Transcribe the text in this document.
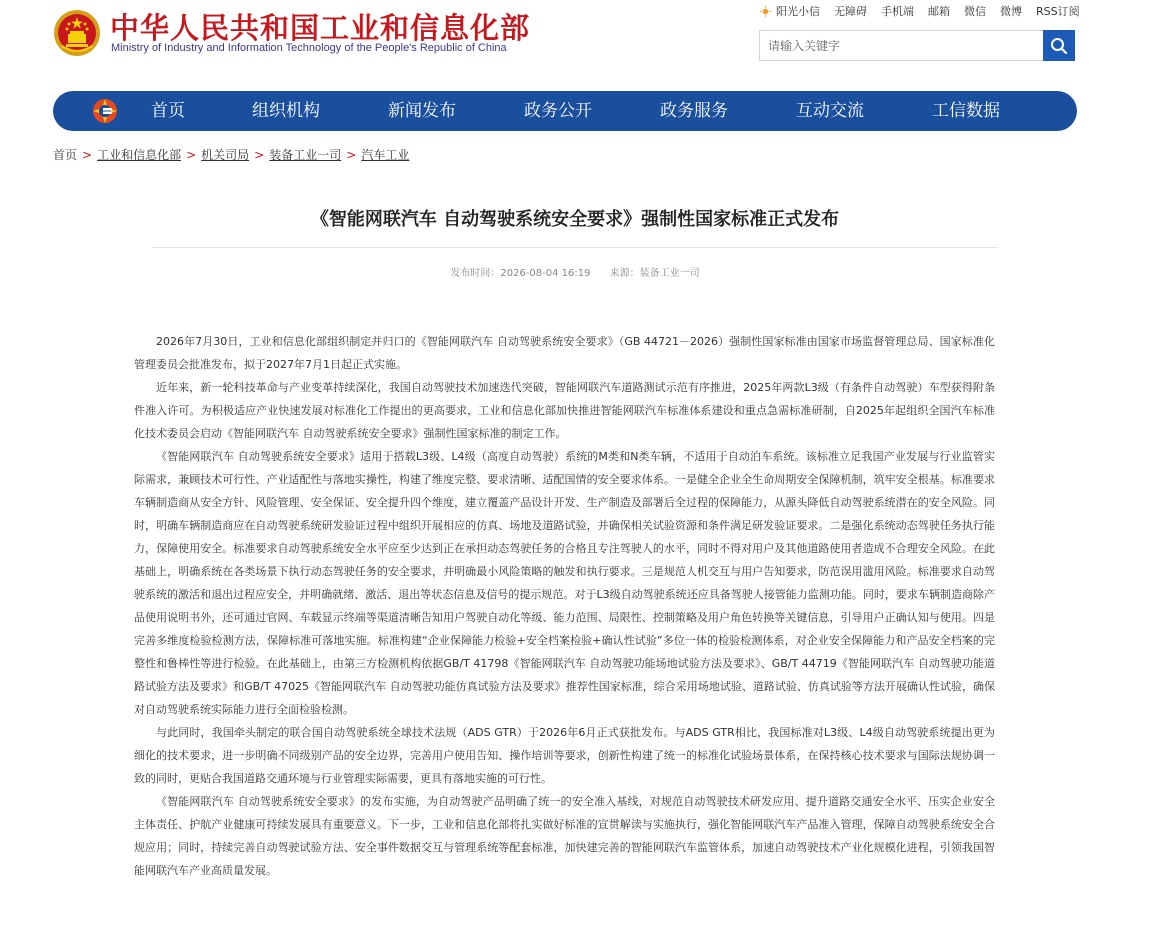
中华人民共和国工业和信息化部
Ministry of Industry and Information Technology of the People's Republic of China
阳光小信 无障碍 手机端 邮箱 微信 微博 RSS订阅
请输入关键字
首页	组织机构	新闻发布	政务公开	政务服务	互动交流	工信数据
首页 > 工业和信息化部 > 机关司局 > 装备工业一司 > 汽车工业
《智能网联汽车 自动驾驶系统安全要求》强制性国家标准正式发布
发布时间：2026-08-04 16:19 来源：装备工业一司

2026年7月30日，工业和信息化部组织制定并归口的《智能网联汽车 自动驾驶系统安全要求》（GB 44721－2026）强制性国家标准由国家市场监督管理总局、国家标准化管理委员会批准发布，拟于2027年7月1日起正式实施。

近年来，新一轮科技革命与产业变革持续深化，我国自动驾驶技术加速迭代突破，智能网联汽车道路测试示范有序推进，2025年两款L3级（有条件自动驾驶）车型获得附条件准入许可。为积极适应产业快速发展对标准化工作提出的更高要求，工业和信息化部加快推进智能网联汽车标准体系建设和重点急需标准研制，自2025年起组织全国汽车标准化技术委员会启动《智能网联汽车 自动驾驶系统安全要求》强制性国家标准的制定工作。

《智能网联汽车 自动驾驶系统安全要求》适用于搭载L3级、L4级（高度自动驾驶）系统的M类和N类车辆，不适用于自动泊车系统。该标准立足我国产业发展与行业监管实际需求，兼顾技术可行性、产业适配性与落地实操性，构建了维度完整、要求清晰、适配国情的安全要求体系。一是健全企业全生命周期安全保障机制，筑牢安全根基。标准要求车辆制造商从安全方针、风险管理、安全保证、安全提升四个维度，建立覆盖产品设计开发、生产制造及部署后全过程的保障能力，从源头降低自动驾驶系统潜在的安全风险。同时，明确车辆制造商应在自动驾驶系统研发验证过程中组织开展相应的仿真、场地及道路试验，并确保相关试验资源和条件满足研发验证要求。二是强化系统动态驾驶任务执行能力，保障使用安全。标准要求自动驾驶系统安全水平应至少达到正在承担动态驾驶任务的合格且专注驾驶人的水平，同时不得对用户及其他道路使用者造成不合理安全风险。在此基础上，明确系统在各类场景下执行动态驾驶任务的安全要求，并明确最小风险策略的触发和执行要求。三是规范人机交互与用户告知要求，防范误用滥用风险。标准要求自动驾驶系统的激活和退出过程应安全，并明确就绪、激活、退出等状态信息及信号的提示规范。对于L3级自动驾驶系统还应具备驾驶人接管能力监测功能。同时，要求车辆制造商除产品使用说明书外，还可通过官网、车载显示终端等渠道清晰告知用户驾驶自动化等级、能力范围、局限性、控制策略及用户角色转换等关键信息，引导用户正确认知与使用。四是完善多维度检验检测方法，保障标准可落地实施。标准构建“企业保障能力检验+安全档案检验+确认性试验”多位一体的检验检测体系，对企业安全保障能力和产品安全档案的完整性和鲁棒性等进行检验。在此基础上，由第三方检测机构依据GB/T 41798《智能网联汽车 自动驾驶功能场地试验方法及要求》、GB/T 44719《智能网联汽车 自动驾驶功能道路试验方法及要求》和GB/T 47025《智能网联汽车 自动驾驶功能仿真试验方法及要求》推荐性国家标准，综合采用场地试验、道路试验、仿真试验等方法开展确认性试验，确保对自动驾驶系统实际能力进行全面检验检测。

与此同时，我国牵头制定的联合国自动驾驶系统全球技术法规（ADS GTR）于2026年6月正式获批发布。与ADS GTR相比，我国标准对L3级、L4级自动驾驶系统提出更为细化的技术要求，进一步明确不同级别产品的安全边界，完善用户使用告知、操作培训等要求，创新性构建了统一的标准化试验场景体系，在保持核心技术要求与国际法规协调一致的同时，更贴合我国道路交通环境与行业管理实际需要，更具有落地实施的可行性。

《智能网联汽车 自动驾驶系统安全要求》的发布实施，为自动驾驶产品明确了统一的安全准入基线，对规范自动驾驶技术研发应用、提升道路交通安全水平、压实企业安全主体责任、护航产业健康可持续发展具有重要意义。下一步，工业和信息化部将扎实做好标准的宣贯解读与实施执行，强化智能网联汽车产品准入管理，保障自动驾驶系统安全合规应用；同时，持续完善自动驾驶试验方法、安全事件数据交互与管理系统等配套标准，加快建完善的智能网联汽车监管体系，加速自动驾驶技术产业化规模化进程，引领我国智能网联汽车产业高质量发展。
